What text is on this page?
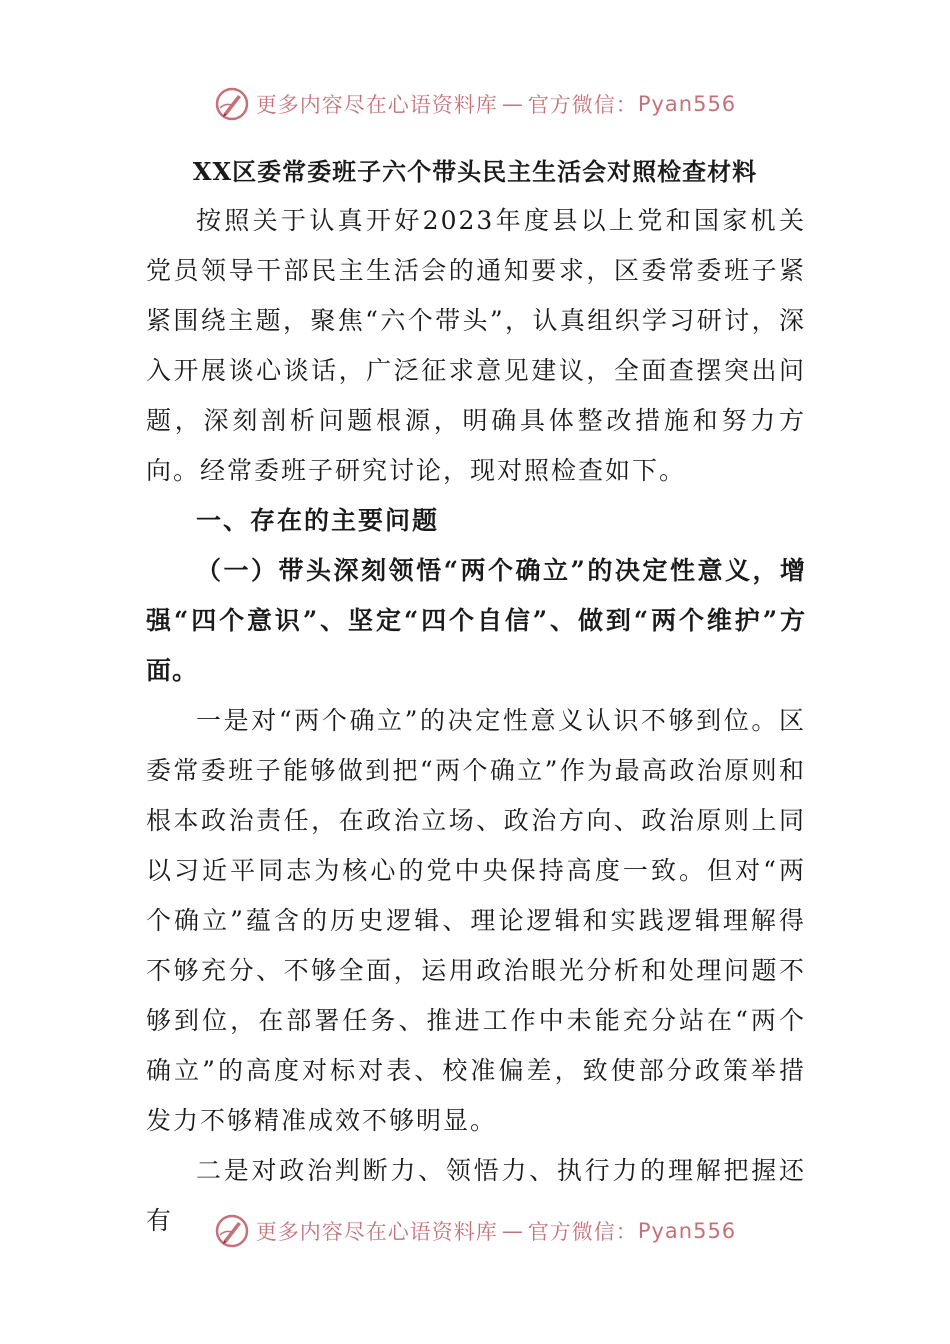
更多内容尽在心语资料库 — 官方微信： Pyan556
XX区委常委班子六个带头民主生活会对照检查材料

按照关于认真开好2023年度县以上党和国家机关党员领导干部民主生活会的通知要求，区委常委班子紧紧围绕主题，聚焦“六个带头”，认真组织学习研讨，深入开展谈心谈话，广泛征求意见建议，全面查摆突出问题，深刻剖析问题根源，明确具体整改措施和努力方向。经常委班子研究讨论，现对照检查如下。

一、存在的主要问题

（一）带头深刻领悟“两个确立”的决定性意义，增强“四个意识”、坚定“四个自信”、做到“两个维护”方面。

一是对“两个确立”的决定性意义认识不够到位。区委常委班子能够做到把“两个确立”作为最高政治原则和根本政治责任，在政治立场、政治方向、政治原则上同以习近平同志为核心的党中央保持高度一致。但对“两个确立”蕴含的历史逻辑、理论逻辑和实践逻辑理解得不够充分、不够全面，运用政治眼光分析和处理问题不够到位，在部署任务、推进工作中未能充分站在“两个确立”的高度对标对表、校准偏差，致使部分政策举措发力不够精准成效不够明显。

二是对政治判断力、领悟力、执行力的理解把握还有	更多内容尽在心语资料库 — 官方微信： Pyan556
